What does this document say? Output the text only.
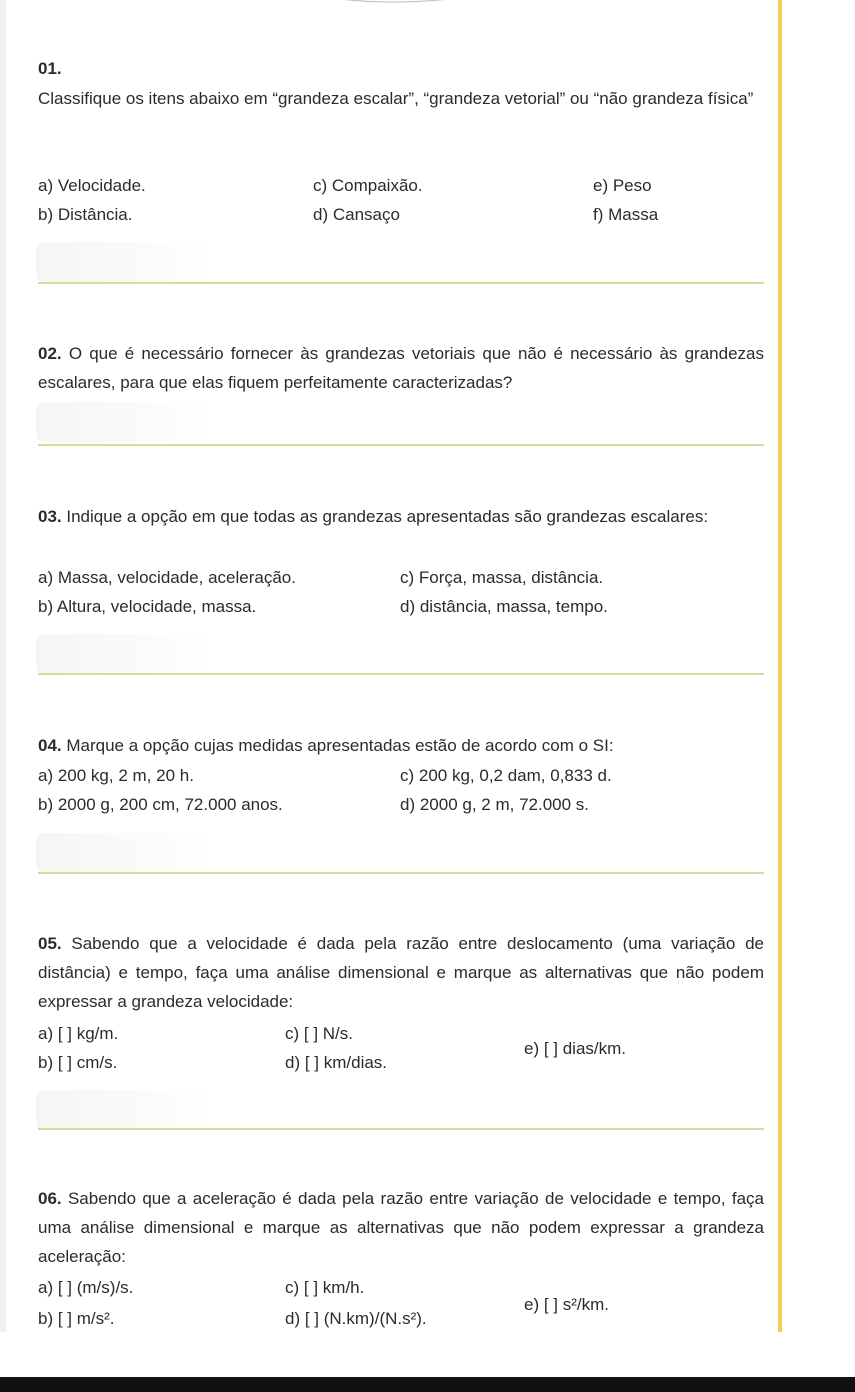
01.

Classifique os itens abaixo em “grandeza escalar”, “grandeza vetorial” ou “não grandeza física”

a) Velocidade.	c) Compaixão.	e) Peso

b) Distância.	d) Cansaço	f) Massa

02. O que é necessário fornecer às grandezas vetoriais que não é necessário às grandezas escalares, para que elas fiquem perfeitamente caracterizadas?

03. Indique a opção em que todas as grandezas apresentadas são grandezas escalares:

a) Massa, velocidade, aceleração.	c) Força, massa, distância.

b) Altura, velocidade, massa.	d) distância, massa, tempo.

04. Marque a opção cujas medidas apresentadas estão de acordo com o SI:

a) 200 kg, 2 m, 20 h.	c) 200 kg, 0,2 dam, 0,833 d.

b) 2000 g, 200 cm, 72.000 anos.	d) 2000 g, 2 m, 72.000 s.

05. Sabendo que a velocidade é dada pela razão entre deslocamento (uma variação de distância) e tempo, faça uma análise dimensional e marque as alternativas que não podem expressar a grandeza velocidade:

a) [ ] kg/m.	c) [ ] N/s.

e) [ ] dias/km.

b) [ ] cm/s.	d) [ ] km/dias.

06. Sabendo que a aceleração é dada pela razão entre variação de velocidade e tempo, faça uma análise dimensional e marque as alternativas que não podem expressar a grandeza aceleração:

a) [ ] (m/s)/s.	c) [ ] km/h.

e) [ ] s²/km.

b) [ ] m/s².	d) [ ] (N.km)/(N.s²).
